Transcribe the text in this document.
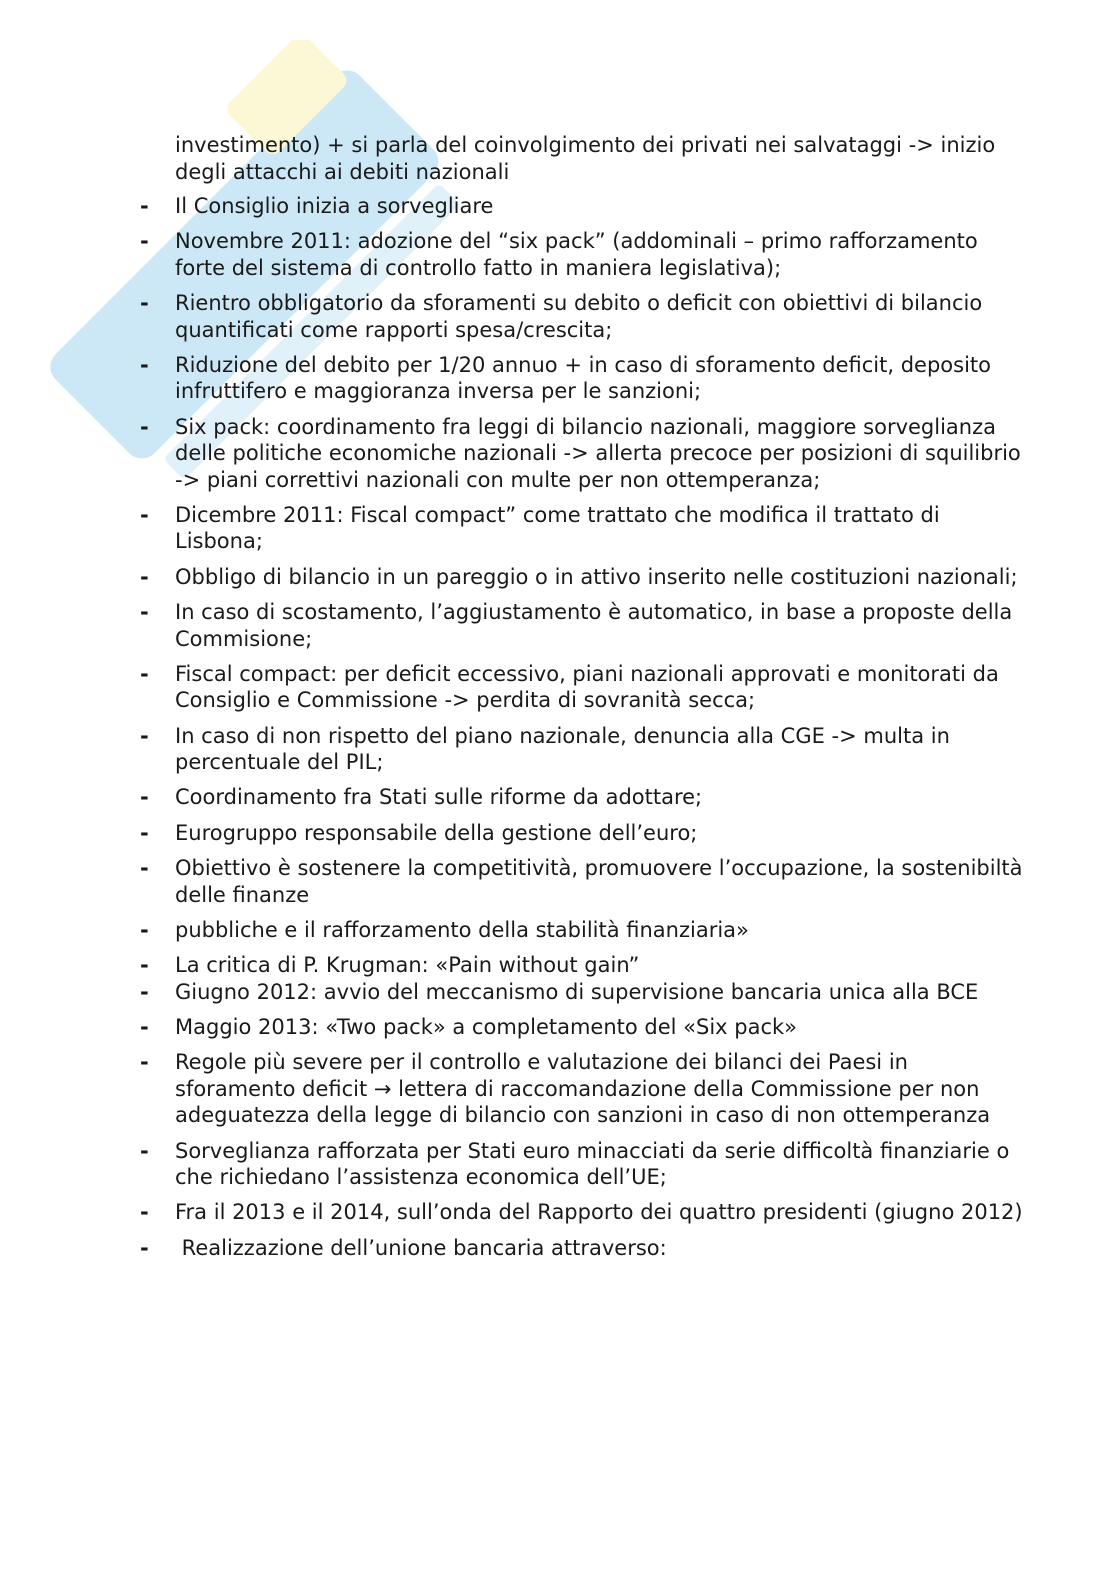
investimento) + si parla del coinvolgimento dei privati nei salvataggi -> inizio degli attacchi ai debiti nazionali

-	Il Consiglio inizia a sorvegliare
-	Novembre 2011: adozione del “six pack” (addominali – primo rafforzamento forte del sistema di controllo fatto in maniera legislativa);
-	Rientro obbligatorio da sforamenti su debito o deficit con obiettivi di bilancio quantificati come rapporti spesa/crescita;
-	Riduzione del debito per 1/20 annuo + in caso di sforamento deficit, deposito infruttifero e maggioranza inversa per le sanzioni;
-	Six pack: coordinamento fra leggi di bilancio nazionali, maggiore sorveglianza delle politiche economiche nazionali -> allerta precoce per posizioni di squilibrio -> piani correttivi nazionali con multe per non ottemperanza;
-	Dicembre 2011: Fiscal compact” come trattato che modifica il trattato di Lisbona;
-	Obbligo di bilancio in un pareggio o in attivo inserito nelle costituzioni nazionali;
-	In caso di scostamento, l’aggiustamento è automatico, in base a proposte della Commisione;
-	Fiscal compact: per deficit eccessivo, piani nazionali approvati e monitorati da Consiglio e Commissione -> perdita di sovranità secca;
-	In caso di non rispetto del piano nazionale, denuncia alla CGE -> multa in percentuale del PIL;
-	Coordinamento fra Stati sulle riforme da adottare;
-	Eurogruppo responsabile della gestione dell’euro;
-	Obiettivo è sostenere la competitività, promuovere l’occupazione, la sostenibiltà delle finanze
-	pubbliche e il rafforzamento della stabilità finanziaria»
-	La critica di P. Krugman: «Pain without gain”
-	Giugno 2012: avvio del meccanismo di supervisione bancaria unica alla BCE
-	Maggio 2013: «Two pack» a completamento del «Six pack»
-	Regole più severe per il controllo e valutazione dei bilanci dei Paesi in sforamento deficit → lettera di raccomandazione della Commissione per non adeguatezza della legge di bilancio con sanzioni in caso di non ottemperanza
-	Sorveglianza rafforzata per Stati euro minacciati da serie difficoltà finanziarie o che richiedano l’assistenza economica dell’UE;
-	Fra il 2013 e il 2014, sull’onda del Rapporto dei quattro presidenti (giugno 2012)
-	Realizzazione dell’unione bancaria attraverso:
